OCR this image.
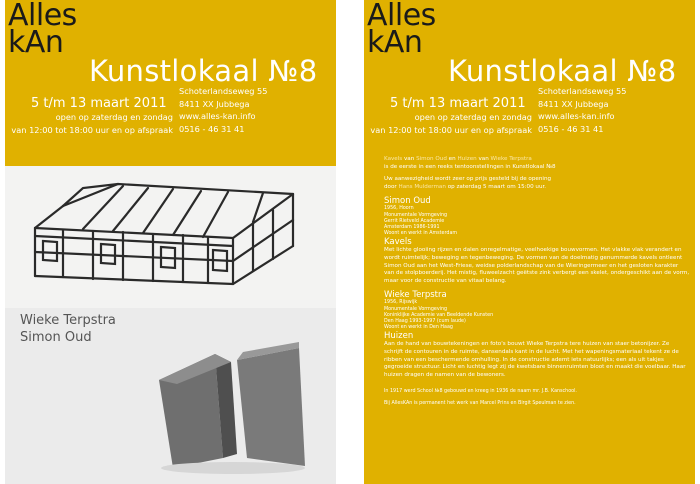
Alles
kAn
Kunstlokaal №8
5 t/m 13 maart 2011
open op zaterdag en zondag
van 12:00 tot 18:00 uur en op afspraak
Schoterlandseweg 55
8411 XX Jubbega
www.alles-kan.info
0516 - 46 31 41
Wieke Terpstra
Simon Oud
Alles
kAn
Kunstlokaal №8
5 t/m 13 maart 2011
open op zaterdag en zondag
van 12:00 tot 18:00 uur en op afspraak
Schoterlandseweg 55
8411 XX Jubbega
www.alles-kan.info
0516 - 46 31 41

Kavels van Simon Oud en Huizen van Wieke Terpstra

is de eerste in een reeks tentoonstellingen in Kunstlokaal №8

Uw aanwezigheid wordt zeer op prijs gesteld bij de opening

door Hans Mulderman op zaterdag 5 maart om 15:00 uur.

Simon Oud

1956, Hoorn

Monumentale Vormgeving

Gerrit Rietveld Academie

Amsterdam 1986-1991

Woont en werkt in Amsterdam

Kavels

Met lichte glooiing rijzen en dalen onregelmatige, veelhoekige bouwvormen. Het vlakke vlak verandert en wordt ruimtelijk; beweging en tegenbeweging. De vormen van de doelmatig genummerde kavels ontleent Simon Oud aan het West-Friese, weidse polderlandschap van de Wieringermeer en het gesloten karakter van de stolpboerderij. Het mistig, fluweelzacht geëtste zink verbergt een skelet, ondergeschikt aan de vorm, maar voor de constructie van vitaal belang.

Wieke Terpstra

1956, Rijswijk

Monumentale Vormgeving

Koninklijke Academie van Beeldende Kunsten

Den Haag 1993-1997 (cum laude)

Woont en werkt in Den Haag

Huizen

Aan de hand van bouwtekeningen en foto's bouwt Wieke Terpstra tere huizen van staer betonijzer. Ze schrijft de contouren in de ruimte, dansendals kant in de lucht. Met het wapeningsmateriaal tekent ze de ribben van een beschermende omhulling. In de constructie ademt iets natuurlijks; een als uit takjes gegroeide structuur. Licht en luchtig legt zij de kwetsbare binnenruimten bloot en maakt die voelbaar. Haar huizen dragen de namen van de bewoners.

In 1917 werd School №8 gebouwd en kreeg in 1936 de naam mr. J.B. Kanschool.

Bij AllesKAn is permanent het werk van Marcel Prins en Birgit Speulman te zien.
